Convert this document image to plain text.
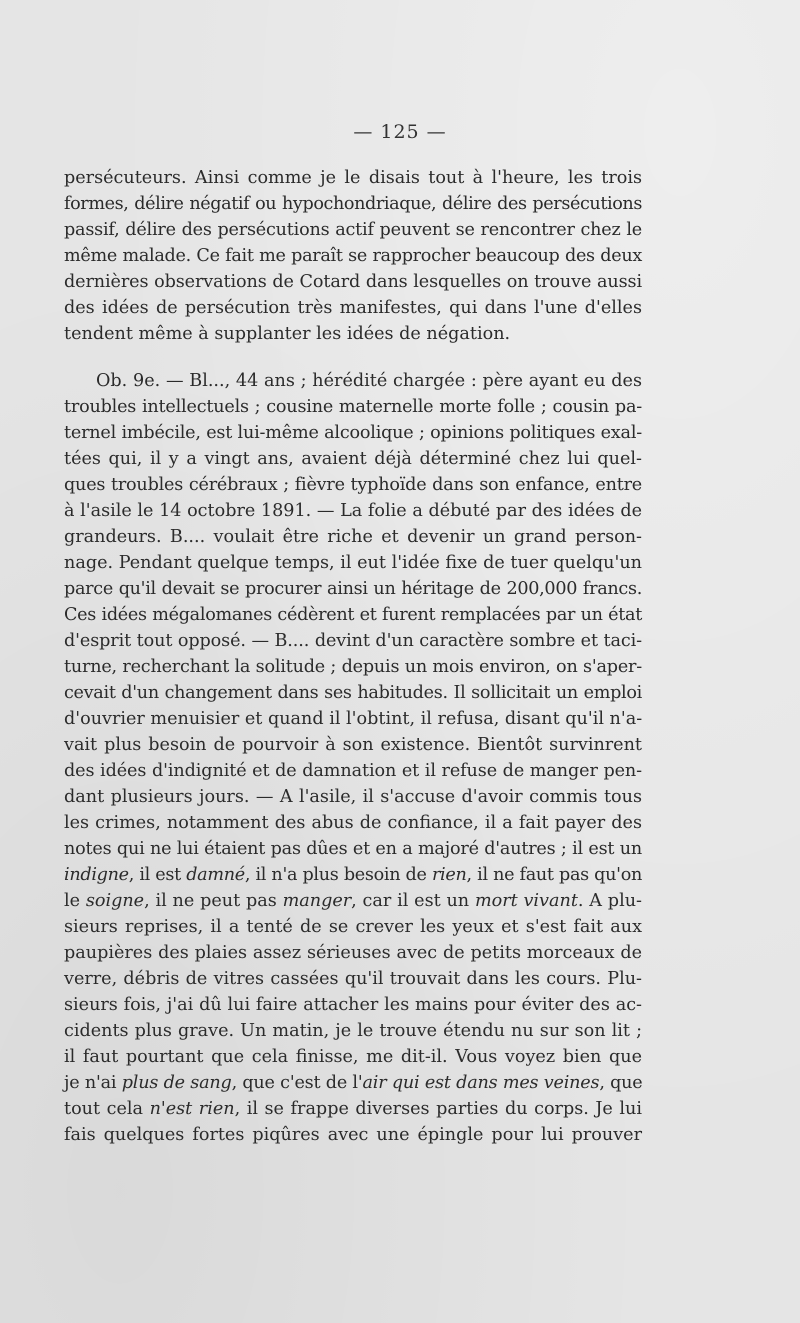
— 125 —
persécuteurs. Ainsi comme je le disais tout à l'heure, les trois
formes, délire négatif ou hypochondriaque, délire des persécutions
passif, délire des persécutions actif peuvent se rencontrer chez le
même malade. Ce fait me paraît se rapprocher beaucoup des deux
dernières observations de Cotard dans lesquelles on trouve aussi
des idées de persécution très manifestes, qui dans l'une d'elles
tendent même à supplanter les idées de négation.
Ob. 9e. — Bl..., 44 ans ; hérédité chargée : père ayant eu des
troubles intellectuels ; cousine maternelle morte folle ; cousin pa-
ternel imbécile, est lui-même alcoolique ; opinions politiques exal-
tées qui, il y a vingt ans, avaient déjà déterminé chez lui quel-
ques troubles cérébraux ; fièvre typhoïde dans son enfance, entre
à l'asile le 14 octobre 1891. — La folie a débuté par des idées de
grandeurs. B.... voulait être riche et devenir un grand person-
nage. Pendant quelque temps, il eut l'idée fixe de tuer quelqu'un
parce qu'il devait se procurer ainsi un héritage de 200,000 francs.
Ces idées mégalomanes cédèrent et furent remplacées par un état
d'esprit tout opposé. — B.... devint d'un caractère sombre et taci-
turne, recherchant la solitude ; depuis un mois environ, on s'aper-
cevait d'un changement dans ses habitudes. Il sollicitait un emploi
d'ouvrier menuisier et quand il l'obtint, il refusa, disant qu'il n'a-
vait plus besoin de pourvoir à son existence. Bientôt survinrent
des idées d'indignité et de damnation et il refuse de manger pen-
dant plusieurs jours. — A l'asile, il s'accuse d'avoir commis tous
les crimes, notamment des abus de confiance, il a fait payer des
notes qui ne lui étaient pas dûes et en a majoré d'autres ; il est un
indigne, il est damné, il n'a plus besoin de rien, il ne faut pas qu'on
le soigne, il ne peut pas manger, car il est un mort vivant. A plu-
sieurs reprises, il a tenté de se crever les yeux et s'est fait aux
paupières des plaies assez sérieuses avec de petits morceaux de
verre, débris de vitres cassées qu'il trouvait dans les cours. Plu-
sieurs fois, j'ai dû lui faire attacher les mains pour éviter des ac-
cidents plus grave. Un matin, je le trouve étendu nu sur son lit ;
il faut pourtant que cela finisse, me dit-il. Vous voyez bien que
je n'ai plus de sang, que c'est de l'air qui est dans mes veines, que
tout cela n'est rien, il se frappe diverses parties du corps. Je lui
fais quelques fortes piqûres avec une épingle pour lui prouver
